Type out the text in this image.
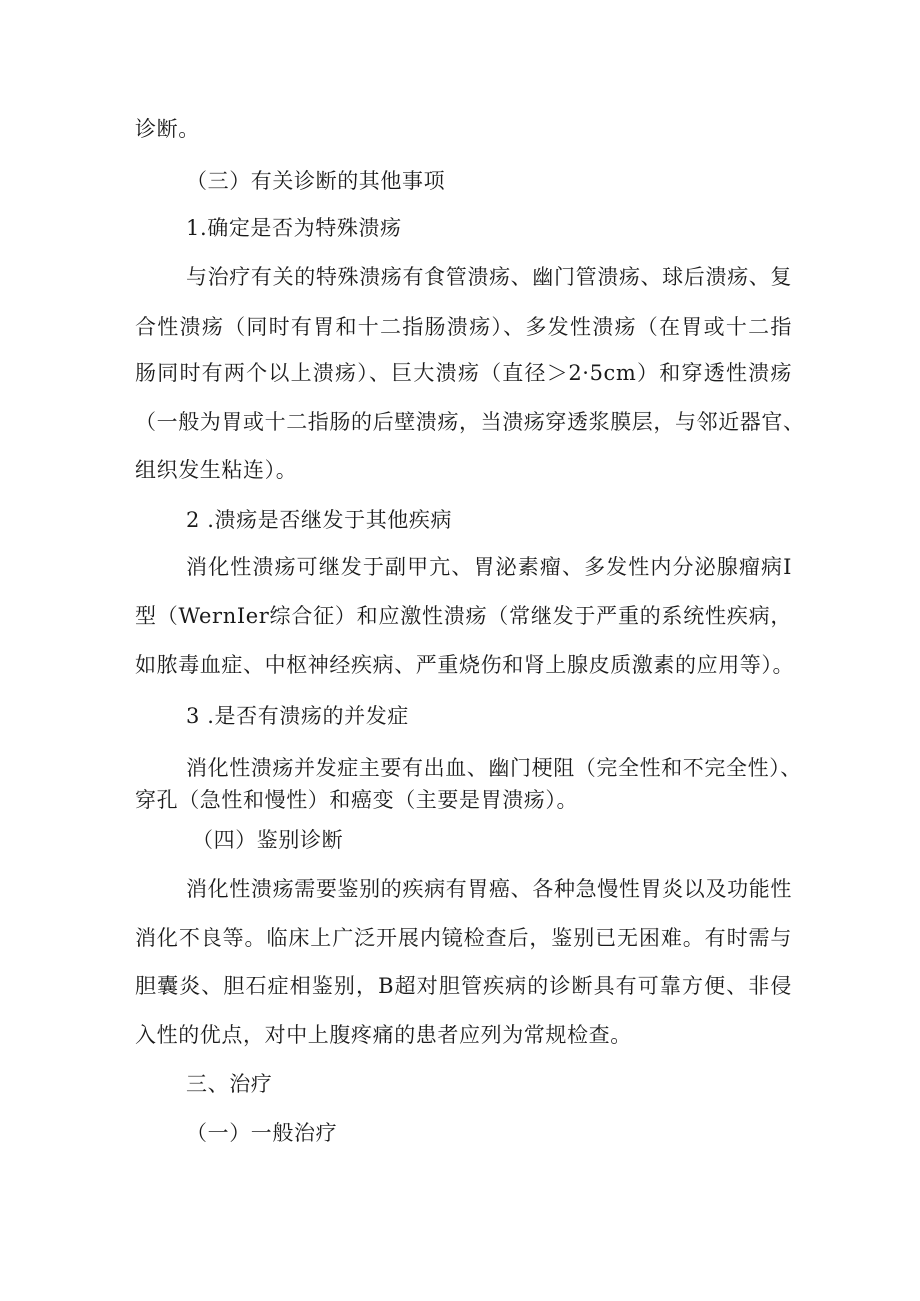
诊断。
（三）有关诊断的其他事项
1.确定是否为特殊溃疡
与治疗有关的特殊溃疡有食管溃疡、幽门管溃疡、球后溃疡、复
合性溃疡（同时有胃和十二指肠溃疡）、多发性溃疡（在胃或十二指
肠同时有两个以上溃疡）、巨大溃疡（直径＞2·5cm）和穿透性溃疡
（一般为胃或十二指肠的后壁溃疡，当溃疡穿透浆膜层，与邻近器官、
组织发生粘连）。
2 .溃疡是否继发于其他疾病
消化性溃疡可继发于副甲亢、胃泌素瘤、多发性内分泌腺瘤病Ⅰ
型（WernIer综合征）和应激性溃疡（常继发于严重的系统性疾病，
如脓毒血症、中枢神经疾病、严重烧伤和肾上腺皮质激素的应用等）。
3 .是否有溃疡的并发症
消化性溃疡并发症主要有出血、幽门梗阻（完全性和不完全性）、
穿孔（急性和慢性）和癌变（主要是胃溃疡）。
（四）鉴别诊断
消化性溃疡需要鉴别的疾病有胃癌、各种急慢性胃炎以及功能性
消化不良等。临床上广泛开展内镜检查后，鉴别已无困难。有时需与
胆囊炎、胆石症相鉴别，B超对胆管疾病的诊断具有可靠方便、非侵
入性的优点，对中上腹疼痛的患者应列为常规检查。
三、治疗
（一）一般治疗
